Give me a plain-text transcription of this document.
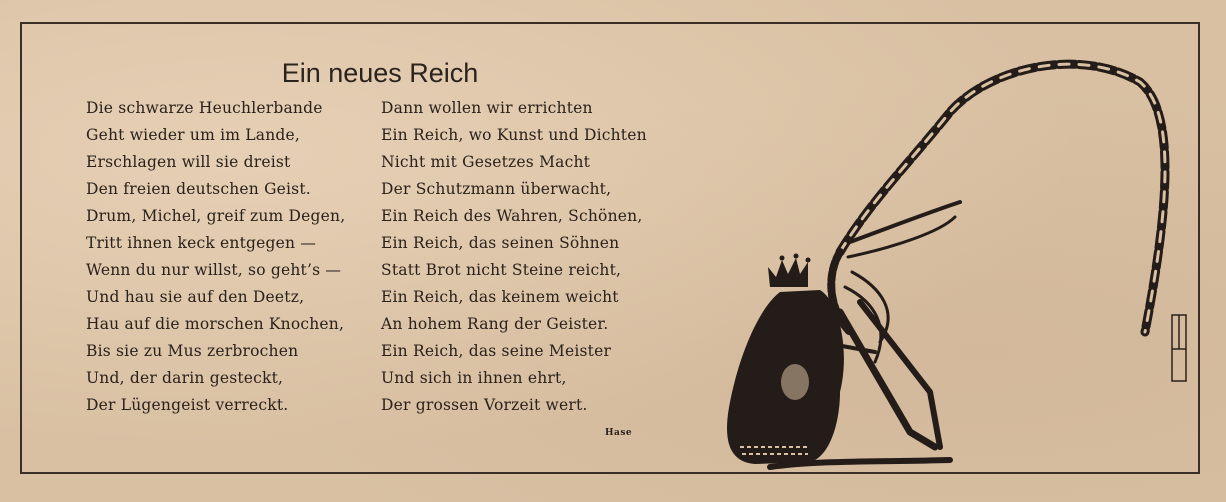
Ein neues Reich
Die schwarze Heuchlerbande
Geht wieder um im Lande,
Erschlagen will sie dreist
Den freien deutschen Geist.
Drum, Michel, greif zum Degen,
Tritt ihnen keck entgegen —
Wenn du nur willst, so geht’s —
Und hau sie auf den Deetz,
Hau auf die morschen Knochen,
Bis sie zu Mus zerbrochen
Und, der darin gesteckt,
Der Lügengeist verreckt.
Dann wollen wir errichten
Ein Reich, wo Kunst und Dichten
Nicht mit Gesetzes Macht
Der Schutzmann überwacht,
Ein Reich des Wahren, Schönen,
Ein Reich, das seinen Söhnen
Statt Brot nicht Steine reicht,
Ein Reich, das keinem weicht
An hohem Rang der Geister.
Ein Reich, das seine Meister
Und sich in ihnen ehrt,
Der grossen Vorzeit wert.
Hase
